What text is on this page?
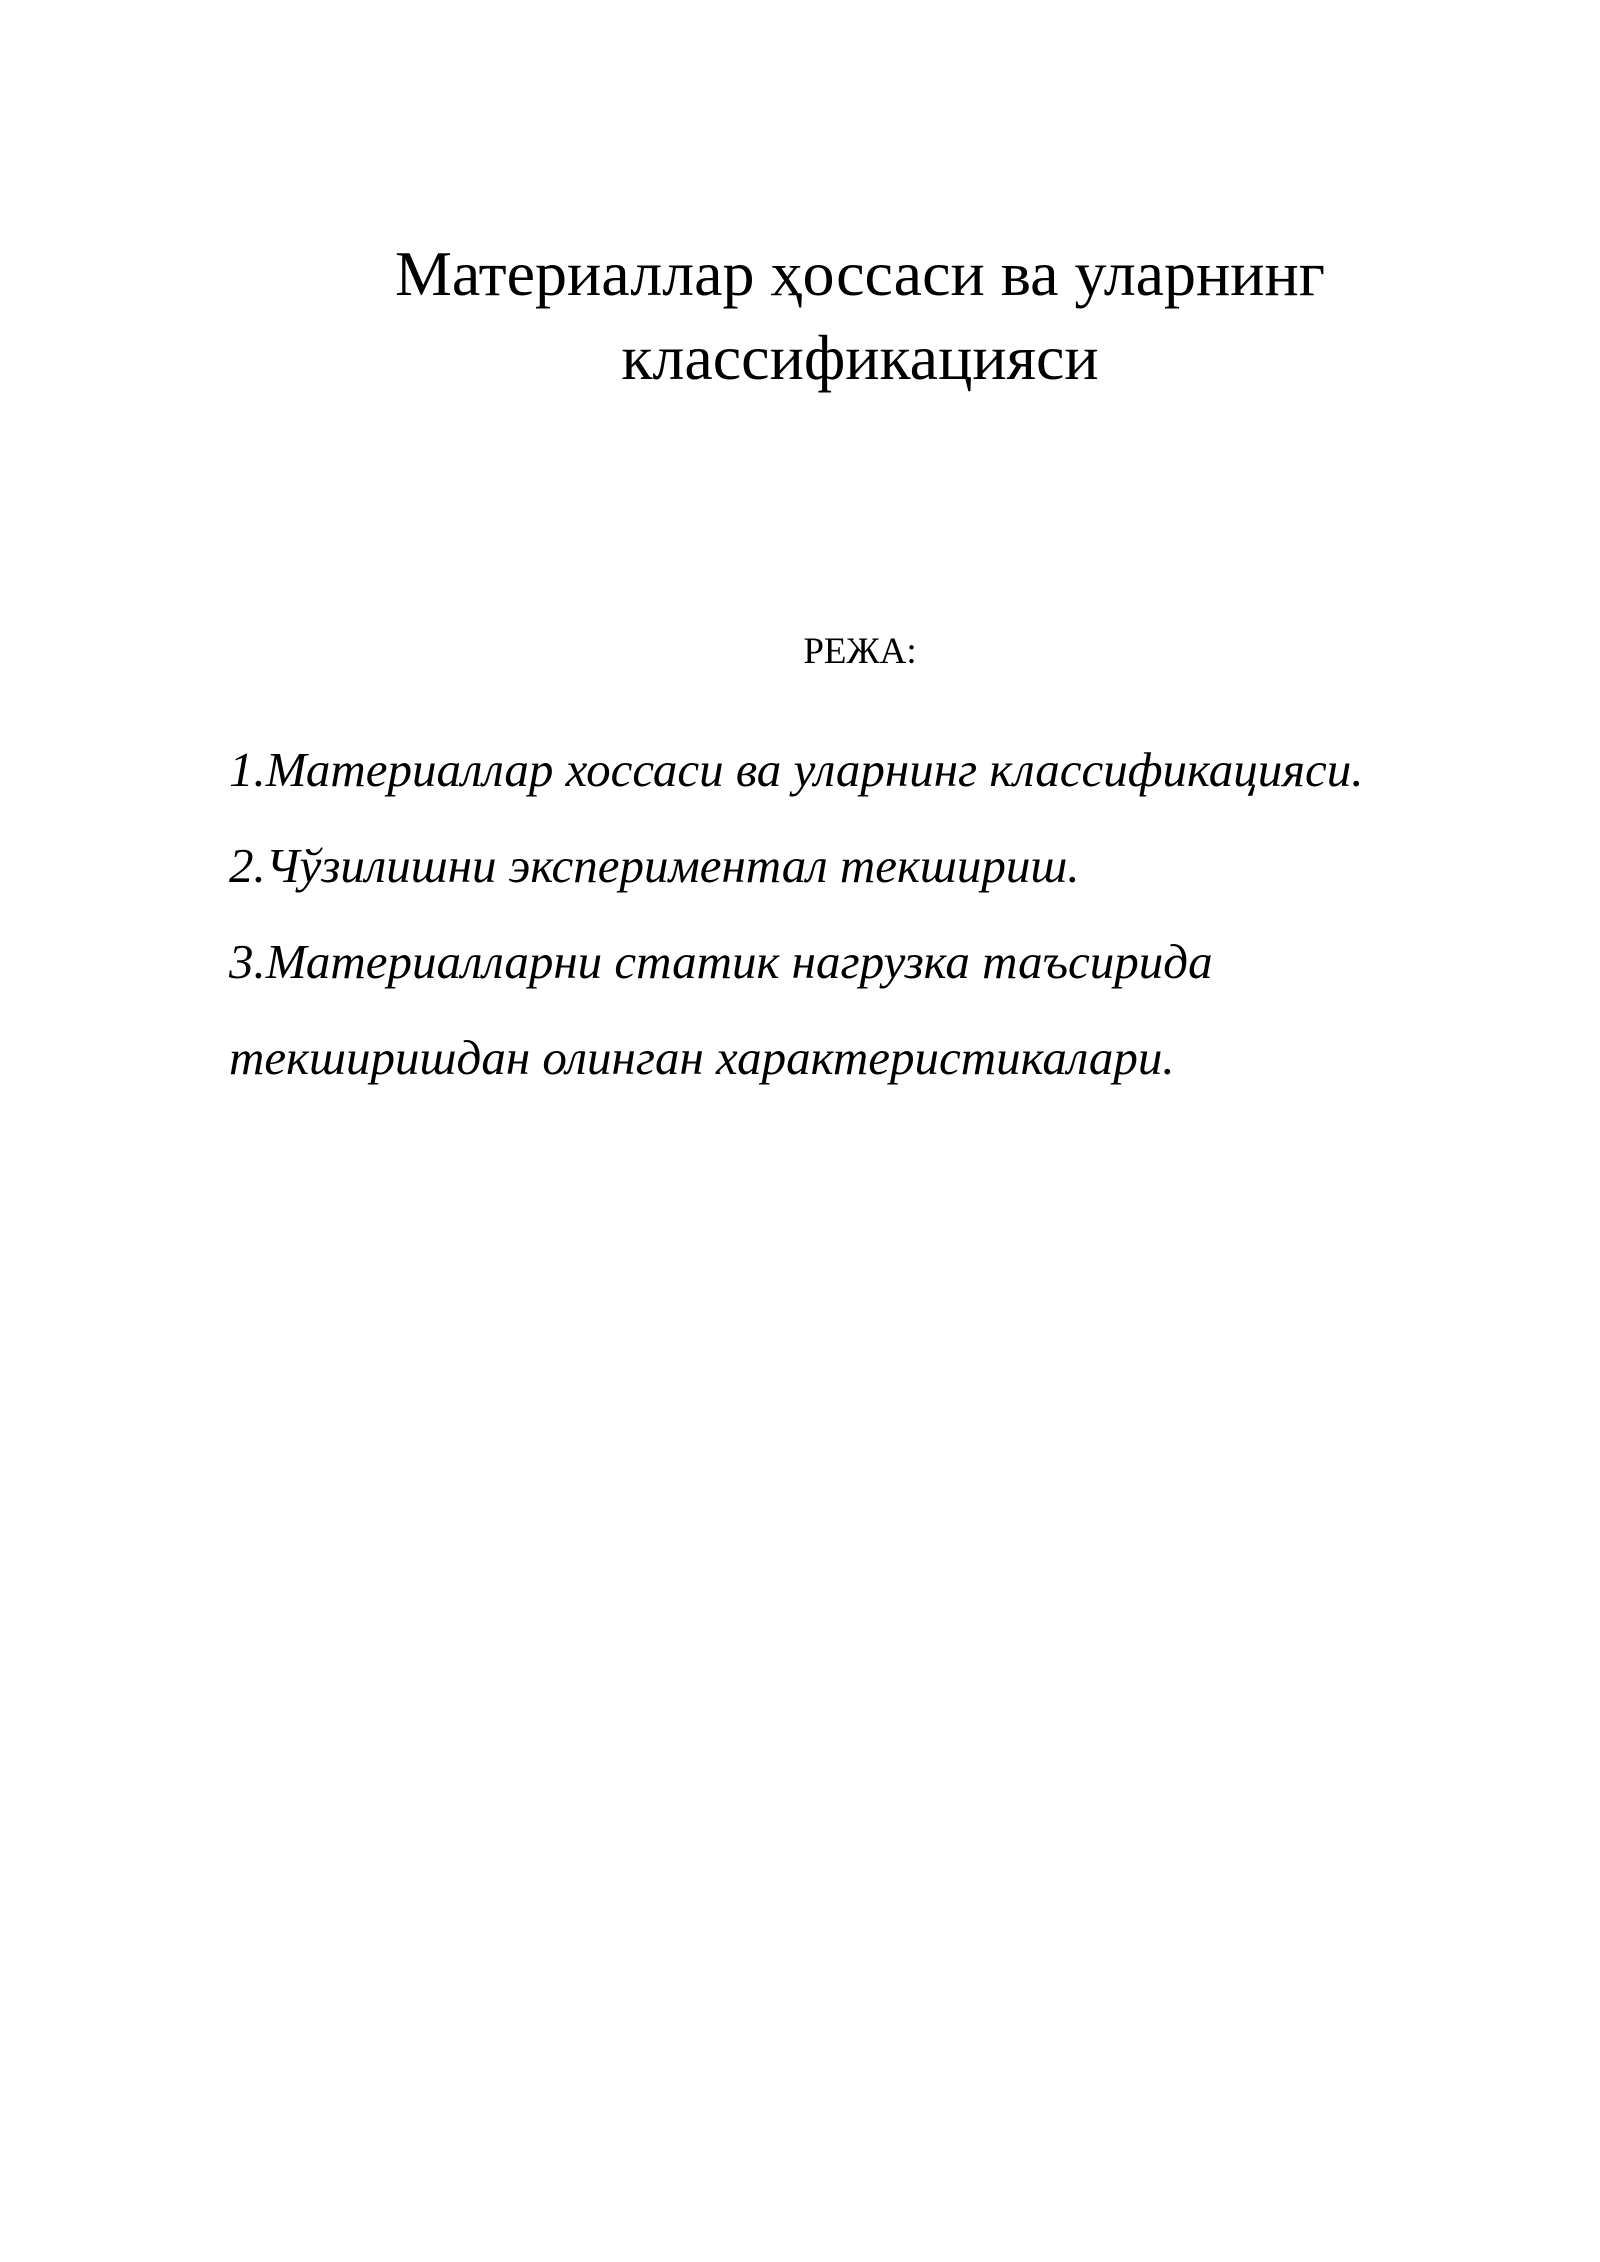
Материаллар ҳоссаси ва уларнинг
классификацияси

РЕЖА:

1.Материаллар хоссаси ва уларнинг классификацияси.
2.Чўзилишни экспериментал текшириш.
3.Материалларни статик нагрузка таъсирида
текширишдан олинган характеристикалари.
